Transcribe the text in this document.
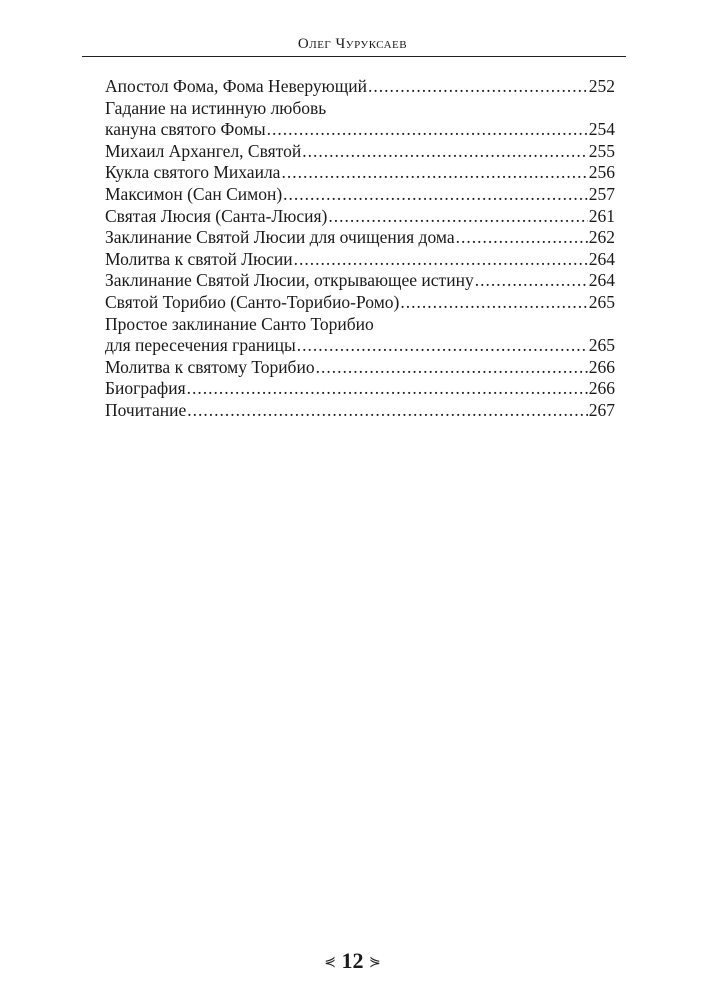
Олег Чуруксаев
Апостол Фома, Фома Неверующий .....	252
Гадание на истинную любовь
кануна святого Фомы .....	254
Михаил Архангел, Святой .....	255
Кукла святого Михаила .....	256
Максимон (Сан Симон) .....	257
Святая Люсия (Санта-Люсия) .....	261
Заклинание Святой Люсии для очищения дома .....	262
Молитва к святой Люсии .....	264
Заклинание Святой Люсии, открывающее истину .....	264
Святой Торибио (Санто-Торибио-Ромо) .....	265
Простое заклинание Санто Торибио
для пересечения границы .....	265
Молитва к святому Торибио .....	266
Биография .....	266
Почитание .....	267
⋞ 12 ⋟
